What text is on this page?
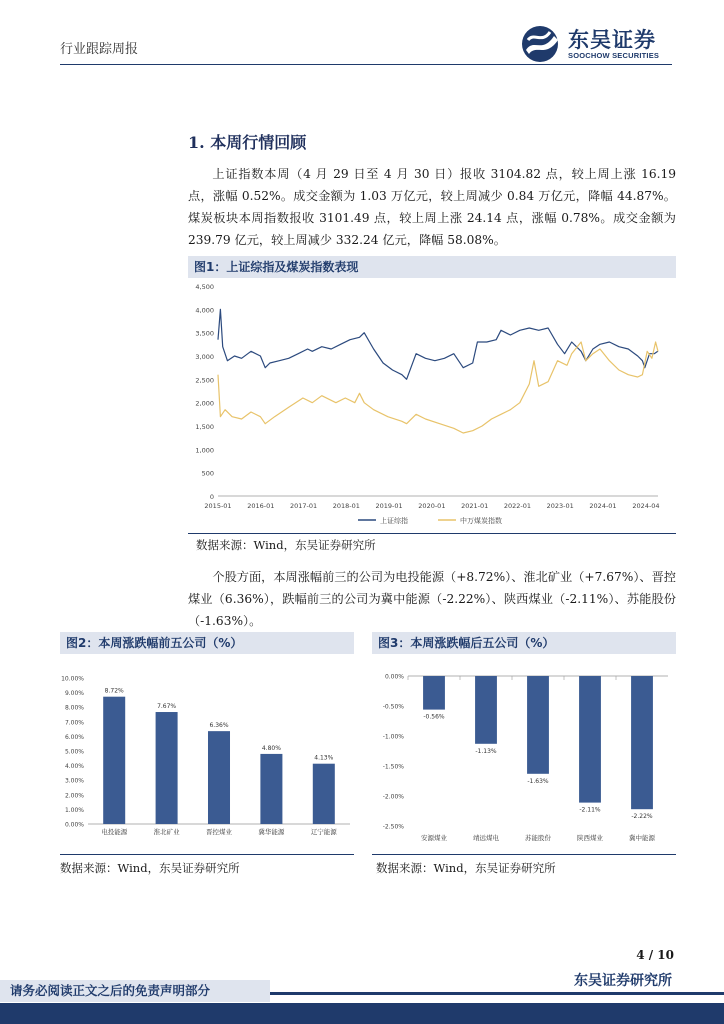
行业跟踪周报	东吴证券
SOOCHOW SECURITIES
1. 本周行情回顾

上证指数本周（4 月 29 日至 4 月 30 日）报收 3104.82 点，较上周上涨 16.19 点，涨幅 0.52%。成交金额为 1.03 万亿元，较上周减少 0.84 万亿元，降幅 44.87%。煤炭板块本周指数报收 3101.49 点，较上周上涨 24.14 点，涨幅 0.78%。成交金额为 239.79 亿元，较上周减少 332.24 亿元，降幅 58.08%。

图1：上证综指及煤炭指数表现
0
500
1,000
1,500
2,000
2,500
3,000
3,500
4,000
4,500
2015-01 2016-01 2017-01 2018-01 2019-01 2020-01 2021-01 2022-01 2023-01 2024-01 2024-04
上证综指	中万煤炭指数
数据来源：Wind，东吴证券研究所

个股方面，本周涨幅前三的公司为电投能源（+8.72%）、淮北矿业（+7.67%）、晋控煤业（6.36%），跌幅前三的公司为冀中能源（-2.22%）、陕西煤业（-2.11%）、苏能股份（-1.63%）。

图2：本周涨跌幅前五公司（%）
0.00%
1.00%
2.00%
3.00%
4.00%
5.00%
6.00%
7.00%
8.00%
9.00%
10.00%
8.72%
电投能源
7.67%
淮北矿业
6.36%
晋控煤业
4.80%
冀华能源
4.13%
辽宁能源
数据来源：Wind，东吴证券研究所
图3：本周涨跌幅后五公司（%）
0.00%
-0.50%
-1.00%
-1.50%
-2.00%
-2.50%
-0.56%
安源煤业
-1.13%
靖远煤电
-1.63%
苏能股份
-2.11%
陕西煤业
-2.22%
冀中能源
数据来源：Wind，东吴证券研究所
4 / 10
东吴证券研究所
请务必阅读正文之后的免责声明部分
